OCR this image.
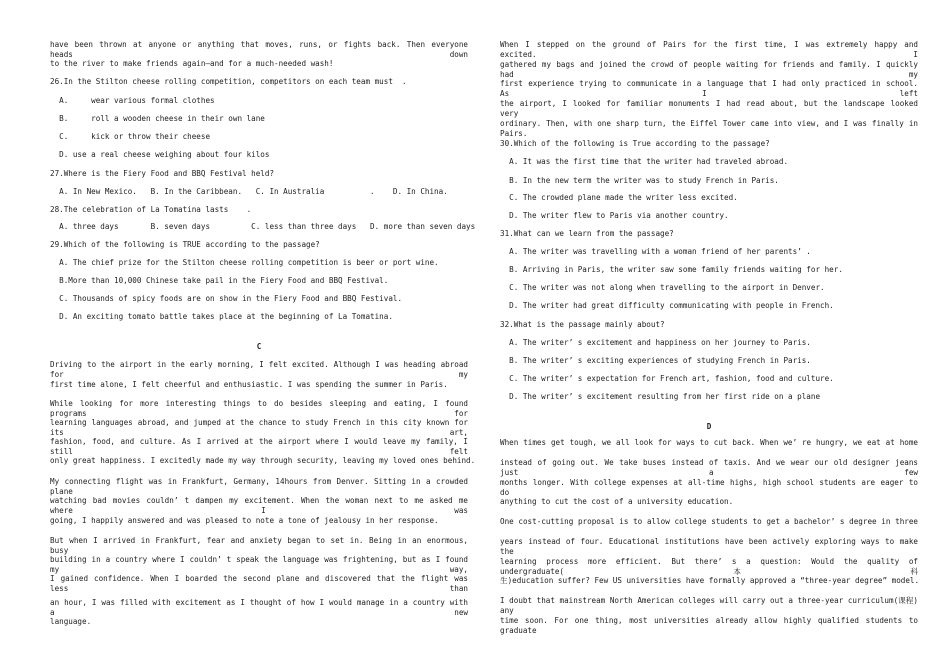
have been thrown at anyone or anything that moves, runs, or fights back. Then everyone heads down
to the river to make friends again—and for a much-needed wash!
26.In the Stilton cheese rolling competition, competitors on each team must  .
A.     wear various formal clothes
B.     roll a wooden cheese in their own lane
C.     kick or throw their cheese
D. use a real cheese weighing about four kilos
27.Where is the Fiery Food and BBQ Festival held?
A. In New Mexico.   B. In the Caribbean.   C. In Australia          .    D. In China.
28.The celebration of La Tomatina lasts    .
A. three days       B. seven days         C. less than three days   D. more than seven days
29.Which of the following is TRUE according to the passage?
A. The chief prize for the Stilton cheese rolling competition is beer or port wine.
B.More than 10,000 Chinese take pail in the Fiery Food and BBQ Festival.
C. Thousands of spicy foods are on show in the Fiery Food and BBQ Festival.
D. An exciting tomato battle takes place at the beginning of La Tomatina.
C
Driving to the airport in the early morning, I felt excited. Although I was heading abroad for my
first time alone, I felt cheerful and enthusiastic. I was spending the summer in Paris.
While looking for more interesting things to do besides sleeping and eating, I found programs for
learning languages abroad, and jumped at the chance to study French in this city known for its art,
fashion, food, and culture. As I arrived at the airport where I would leave my family, I still felt
only great happiness. I excitedly made my way through security, leaving my loved ones behind.
My connecting flight was in Frankfurt, Germany, 14hours from Denver. Sitting in a crowded plane
watching bad movies couldn’ t dampen my excitement. When the woman next to me asked me where I was
going, I happily answered and was pleased to note a tone of jealousy in her response.
But when I arrived in Frankfurt, fear and anxiety began to set in. Being in an enormous, busy
building in a country where I couldn’ t speak the language was frightening, but as I found my way,
I gained confidence. When I boarded the second plane and discovered that the flight was less than
an hour, I was filled with excitement as I thought of how I would manage in a country with a new
language.
When I stepped on the ground of Pairs for the first time, I was extremely happy and excited. I
gathered my bags and joined the crowd of people waiting for friends and family. I quickly had my
first experience trying to communicate in a language that I had only practiced in school. As I left
the airport, I looked for familiar monuments I had read about, but the landscape looked very
ordinary. Then, with one sharp turn, the Eiffel Tower came into view, and I was finally in Pairs.
30.Which of the following is True according to the passage?
A. It was the first time that the writer had traveled abroad.
B. In the new term the writer was to study French in Paris.
C. The crowded plane made the writer less excited.
D. The writer flew to Paris via another country.
31.What can we learn from the passage?
A. The writer was travelling with a woman friend of her parents’ .
B. Arriving in Paris, the writer saw some family friends waiting for her.
C. The writer was not along when travelling to the airport in Denver.
D. The writer had great difficulty communicating with people in French.
32.What is the passage mainly about?
A. The writer’ s excitement and happiness on her journey to Paris.
B. The writer’ s exciting experiences of studying French in Paris.
C. The writer’ s expectation for French art, fashion, food and culture.
D. The writer’ s excitement resulting from her first ride on a plane
D
When times get tough, we all look for ways to cut back. When we’ re hungry, we eat at home
instead of going out. We take buses instead of taxis. And we wear our old designer jeans just a few
months longer. With college expenses at all-time highs, high school students are eager to do
anything to cut the cost of a university education.
One cost-cutting proposal is to allow college students to get a bachelor’ s degree in three
years instead of four. Educational institutions have been actively exploring ways to make the
learning process more efficient. But there’ s a question: Would the quality of undergraduate(本科
生)education suffer? Few US universities have formally approved a “three-year degree” model.
I doubt that mainstream North American colleges will carry out a three-year curriculum(课程) any
time soon. For one thing, most universities already allow highly qualified students to graduate
